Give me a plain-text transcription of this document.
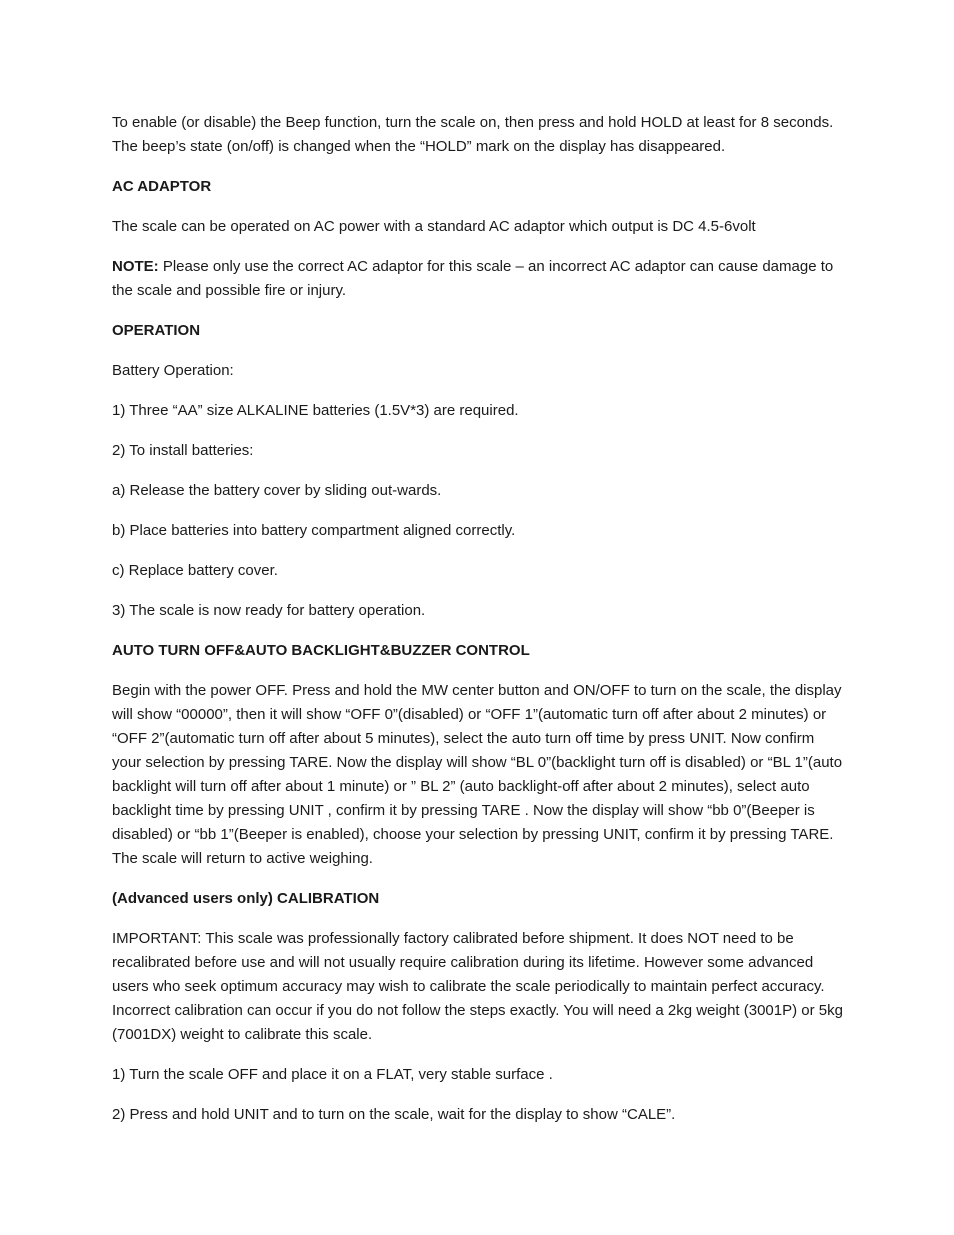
To enable (or disable) the Beep function, turn the scale on, then press and hold HOLD at least for 8 seconds. The beep’s state (on/off) is changed when the “HOLD” mark on the display has disappeared.

AC ADAPTOR

The scale can be operated on AC power with a standard AC adaptor which output is DC 4.5-6volt

NOTE: Please only use the correct AC adaptor for this scale – an incorrect AC adaptor can cause damage to the scale and possible fire or injury.

OPERATION

Battery Operation:

1) Three “AA” size ALKALINE batteries (1.5V*3) are required.

2) To install batteries:

a) Release the battery cover by sliding out-wards.

b) Place batteries into battery compartment aligned correctly.

c) Replace battery cover.

3) The scale is now ready for battery operation.

AUTO TURN OFF&AUTO BACKLIGHT&BUZZER CONTROL

Begin with the power OFF. Press and hold the MW center button and ON/OFF to turn on the scale, the display will show “00000”, then it will show “OFF 0”(disabled) or “OFF 1”(automatic turn off after about 2 minutes) or “OFF 2”(automatic turn off after about 5 minutes), select the auto turn off time by press UNIT. Now confirm your selection by pressing TARE. Now the display will show “BL 0”(backlight turn off is disabled) or “BL 1”(auto backlight will turn off after about 1 minute) or ” BL 2” (auto backlight-off after about 2 minutes), select auto backlight time by pressing UNIT , confirm it by pressing TARE . Now the display will show “bb 0”(Beeper is disabled) or “bb 1”(Beeper is enabled), choose your selection by pressing UNIT, confirm it by pressing TARE. The scale will return to active weighing.

(Advanced users only) CALIBRATION

IMPORTANT: This scale was professionally factory calibrated before shipment. It does NOT need to be recalibrated before use and will not usually require calibration during its lifetime. However some advanced users who seek optimum accuracy may wish to calibrate the scale periodically to maintain perfect accuracy. Incorrect calibration can occur if you do not follow the steps exactly. You will need a 2kg weight (3001P) or 5kg (7001DX) weight to calibrate this scale.

1) Turn the scale OFF and place it on a FLAT, very stable surface .

2) Press and hold UNIT and to turn on the scale, wait for the display to show “CALE”.
